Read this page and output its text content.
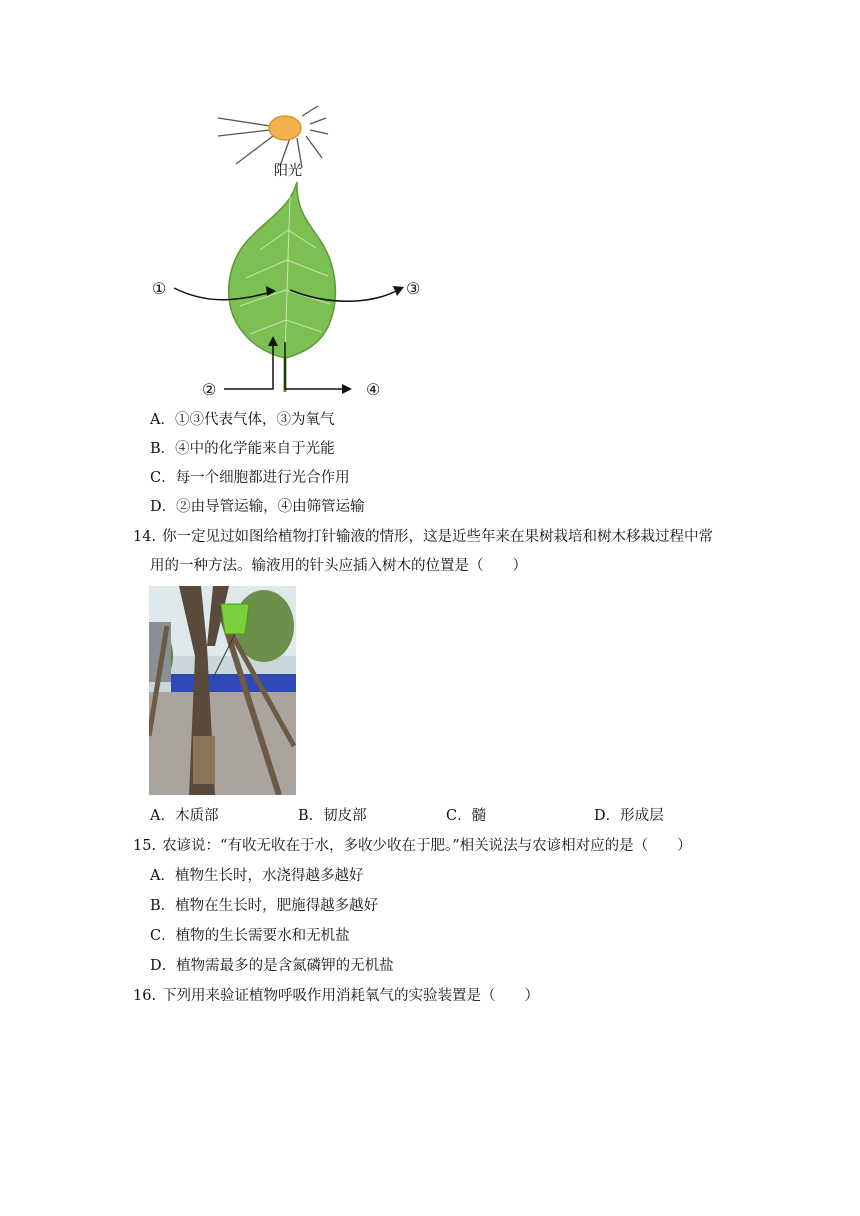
阳光
①
②
③
④
A．①③代表气体，③为氧气
B．④中的化学能来自于光能
C．每一个细胞都进行光合作用
D．②由导管运输，④由筛管运输
14. 你一定见过如图给植物打针输液的情形，这是近些年来在果树栽培和树木移栽过程中常
用的一种方法。输液用的针头应插入树木的位置是（　　）
A．木质部	B．韧皮部	C．髓	D．形成层
15. 农谚说：“有收无收在于水，多收少收在于肥。”相关说法与农谚相对应的是（　　）
A．植物生长时，水浇得越多越好
B．植物在生长时，肥施得越多越好
C．植物的生长需要水和无机盐
D．植物需最多的是含氮磷钾的无机盐
16. 下列用来验证植物呼吸作用消耗氧气的实验装置是（　　）
